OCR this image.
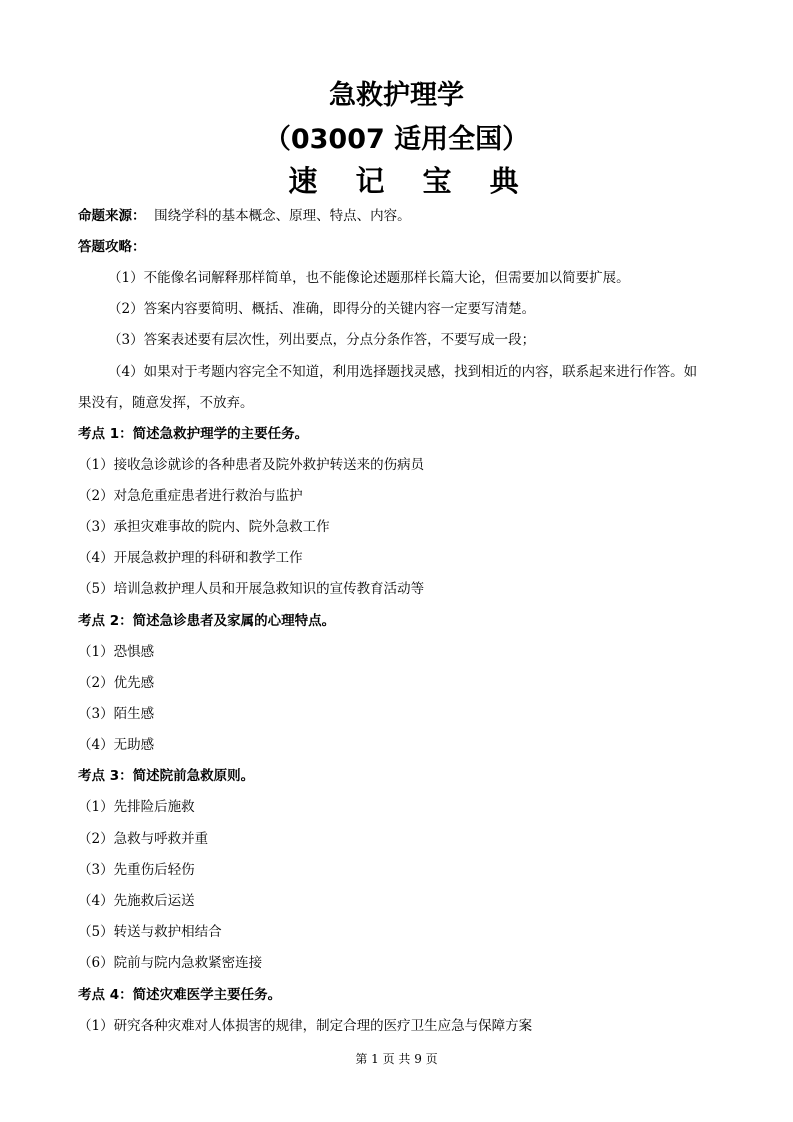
急救护理学
（03007 适用全国）
速 记 宝 典
命题来源： 围绕学科的基本概念、原理、特点、内容。
答题攻略：
（1）不能像名词解释那样简单，也不能像论述题那样长篇大论，但需要加以简要扩展。
（2）答案内容要简明、概括、准确，即得分的关键内容一定要写清楚。
（3）答案表述要有层次性，列出要点，分点分条作答，不要写成一段；
（4）如果对于考题内容完全不知道，利用选择题找灵感，找到相近的内容，联系起来进行作答。如
果没有，随意发挥，不放弃。
考点 1：简述急救护理学的主要任务。
（1）接收急诊就诊的各种患者及院外救护转送来的伤病员
（2）对急危重症患者进行救治与监护
（3）承担灾难事故的院内、院外急救工作
（4）开展急救护理的科研和教学工作
（5）培训急救护理人员和开展急救知识的宣传教育活动等
考点 2：简述急诊患者及家属的心理特点。
（1）恐惧感
（2）优先感
（3）陌生感
（4）无助感
考点 3：简述院前急救原则。
（1）先排险后施救
（2）急救与呼救并重
（3）先重伤后轻伤
（4）先施救后运送
（5）转送与救护相结合
（6）院前与院内急救紧密连接
考点 4：简述灾难医学主要任务。
（1）研究各种灾难对人体损害的规律，制定合理的医疗卫生应急与保障方案
第 1 页 共 9 页
